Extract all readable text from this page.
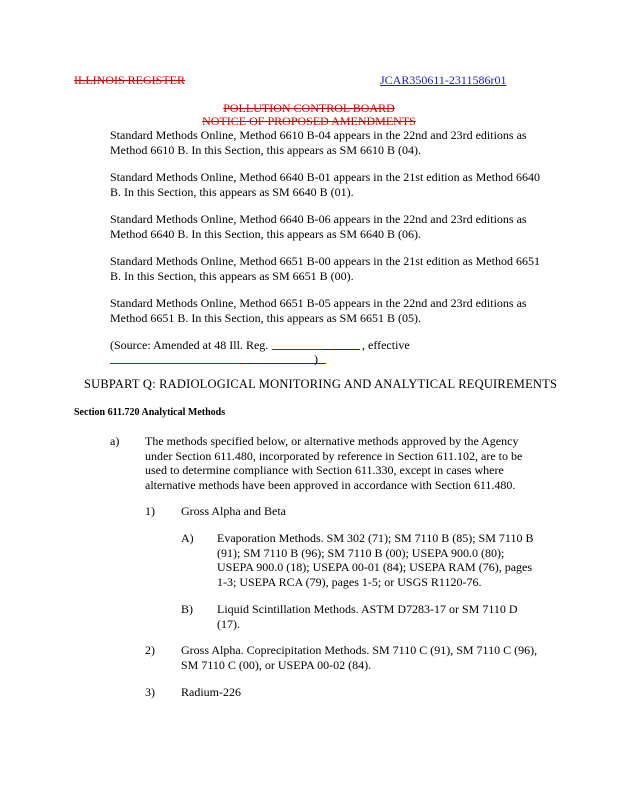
ILLINOIS REGISTER	JCAR350611-2311586r01
POLLUTION CONTROL BOARD
NOTICE OF PROPOSED AMENDMENTS
Standard Methods Online, Method 6610 B-04 appears in the 22nd and 23rd editions as
Method 6610 B. In this Section, this appears as SM 6610 B (04).
Standard Methods Online, Method 6640 B-01 appears in the 21st edition as Method 6640
B. In this Section, this appears as SM 6640 B (01).
Standard Methods Online, Method 6640 B-06 appears in the 22nd and 23rd editions as
Method 6640 B. In this Section, this appears as SM 6640 B (06).
Standard Methods Online, Method 6651 B-00 appears in the 21st edition as Method 6651
B. In this Section, this appears as SM 6651 B (00).
Standard Methods Online, Method 6651 B-05 appears in the 22nd and 23rd editions as
Method 6651 B. In this Section, this appears as SM 6651 B (05).
(Source: Amended at 48 Ill. Reg.	, effective
)
SUBPART Q: RADIOLOGICAL MONITORING AND ANALYTICAL REQUIREMENTS
Section 611.720 Analytical Methods
a) The methods specified below, or alternative methods approved by the Agency
under Section 611.480, incorporated by reference in Section 611.102, are to be
used to determine compliance with Section 611.330, except in cases where
alternative methods have been approved in accordance with Section 611.480.
1) Gross Alpha and Beta
A) Evaporation Methods. SM 302 (71); SM 7110 B (85); SM 7110 B
(91); SM 7110 B (96); SM 7110 B (00); USEPA 900.0 (80);
USEPA 900.0 (18); USEPA 00-01 (84); USEPA RAM (76), pages
1-3; USEPA RCA (79), pages 1-5; or USGS R1120-76.
B) Liquid Scintillation Methods. ASTM D7283-17 or SM 7110 D
(17).
2) Gross Alpha. Coprecipitation Methods. SM 7110 C (91), SM 7110 C (96),
SM 7110 C (00), or USEPA 00-02 (84).
3) Radium-226
